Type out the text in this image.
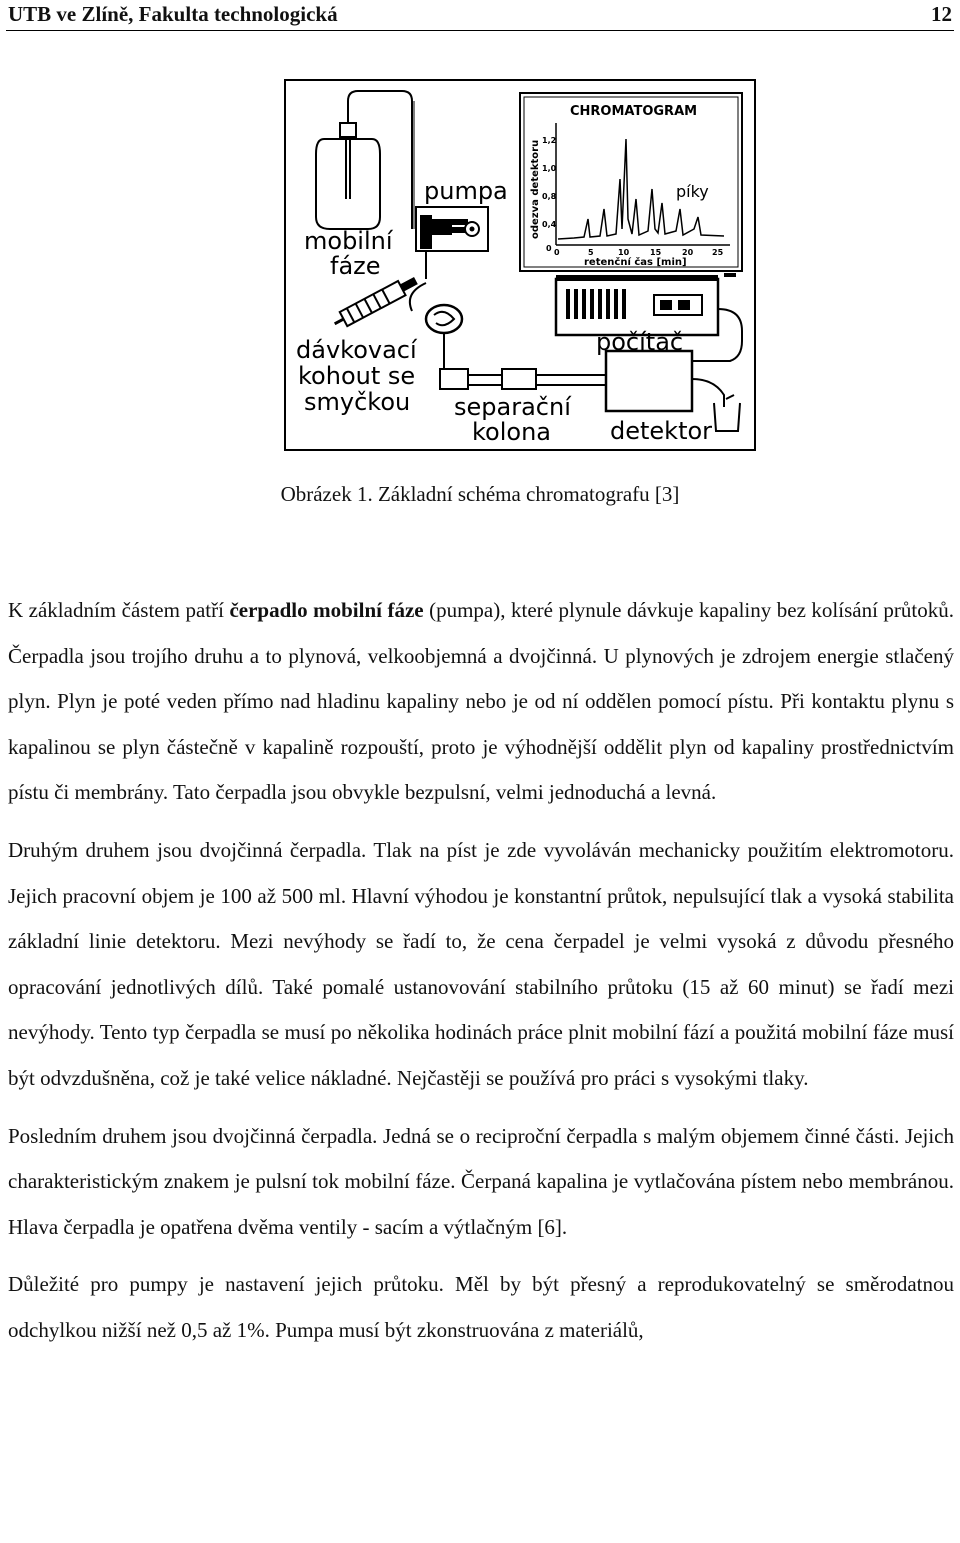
UTB ve Zlíně, Fakulta technologická	12
pumpa
mobilní
fáze
dávkovací
kohout se
smyčkou separační
kolona detektor
počítač
CHROMATOGRAM
píky
odezva detektoru
retenční čas [min]
1,2
1,0
0,8
0,4
0 0	5	10	15	20 25
Obrázek 1. Základní schéma chromatografu [3]

K základním částem patří čerpadlo mobilní fáze (pumpa), které plynule dávkuje kapaliny bez kolísání průtoků. Čerpadla jsou trojího druhu a to plynová, velkoobjemná a dvojčinná. U plynových je zdrojem energie stlačený plyn. Plyn je poté veden přímo nad hladinu kapaliny nebo je od ní oddělen pomocí pístu. Při kontaktu plynu s kapalinou se plyn částečně v kapalině rozpouští, proto je výhodnější oddělit plyn od kapaliny prostřednictvím pístu či membrány. Tato čerpadla jsou obvykle bezpulsní, velmi jednoduchá a levná.

Druhým druhem jsou dvojčinná čerpadla. Tlak na píst je zde vyvoláván mechanicky použitím elektromotoru. Jejich pracovní objem je 100 až 500 ml. Hlavní výhodou je konstantní průtok, nepulsující tlak a vysoká stabilita základní linie detektoru. Mezi nevýhody se řadí to, že cena čerpadel je velmi vysoká z důvodu přesného opracování jednotlivých dílů. Také pomalé ustanovování stabilního průtoku (15 až 60 minut) se řadí mezi nevýhody. Tento typ čerpadla se musí po několika hodinách práce plnit mobilní fází a použitá mobilní fáze musí být odvzdušněna, což je také velice nákladné. Nejčastěji se používá pro práci s vysokými tlaky.

Posledním druhem jsou dvojčinná čerpadla. Jedná se o reciproční čerpadla s malým objemem činné části. Jejich charakteristickým znakem je pulsní tok mobilní fáze. Čerpaná kapalina je vytlačována pístem nebo membránou. Hlava čerpadla je opatřena dvěma ventily - sacím a výtlačným [6].

Důležité pro pumpy je nastavení jejich průtoku. Měl by být přesný a reprodukovatelný se směrodatnou odchylkou nižší než 0,5 až 1%. Pumpa musí být zkonstruována z materiálů,
